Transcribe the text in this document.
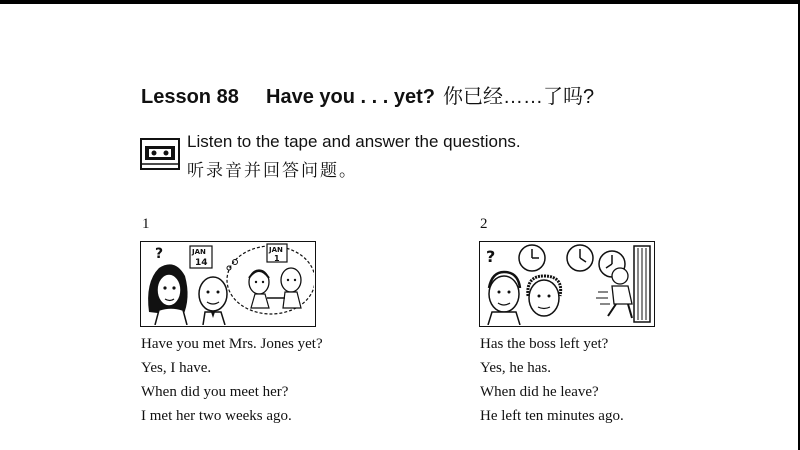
Lesson 88 Have you . . . yet? 你已经……了吗?
Listen to the tape and answer the questions.
听录音并回答问题。
1
?	JAN
14
JAN
1
Have you met Mrs. Jones yet?
Yes, I have.
When did you meet her?
I met her two weeks ago.
2
?
Has the boss left yet?
Yes, he has.
When did he leave?
He left ten minutes ago.
